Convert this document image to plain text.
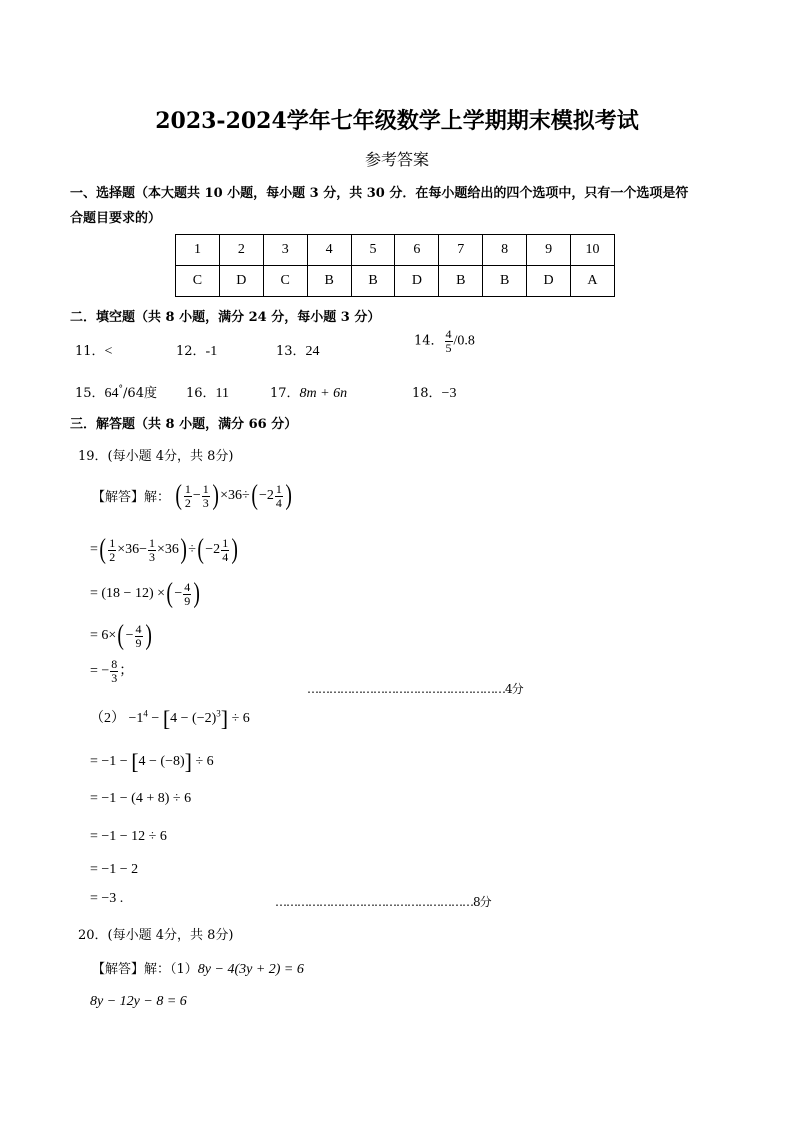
2023-2024学年七年级数学上学期期末模拟考试
参考答案
一、选择题（本大题共 10 小题，每小题 3 分，共 30 分．在每小题给出的四个选项中，只有一个选项是符
合题目要求的）
1	2	3	4	5	6	7	8	9	10
C	D	C	B	B	D	B	B	D	A
二．填空题（共 8 小题，满分 24 分，每小题 3 分）
11．<	12．-1	13．24
14． $\frac{4}{5} /0.8$
15．64°/64度 16．11	17．8m + 6n	18．−3
三．解答题（共 8 小题，满分 66 分）
19．(每小题 4分，共 8分)
【解答】解： ( $\frac{1}{2} - \frac{1}{3} )\times 36\div(-2 \frac{1}{4}$ )
=( $\frac{1}{2} \times 36- \frac{1}{3} \times 36)\div(-2 \frac{1}{4}$ )
= (18 − 12) ×(− $\frac{4}{9}$ )
= $6\times(- \frac{4}{9}$ )
= − $\frac{8}{3}$ ；
………………………………………………4分
$(2) -1^4 - [4 - (-2)^3] \div 6$
= −1 − [4 − (−8)] ÷ 6
= −1 − (4 + 8) ÷ 6
= −1 − 12 ÷ 6
= −1 − 2
= −3 .	………………………………………………8分
20．(每小题 4分，共 8分)
【解答】解：（1）8y − 4(3y + 2) = 6
8y − 12y − 8 = 6
